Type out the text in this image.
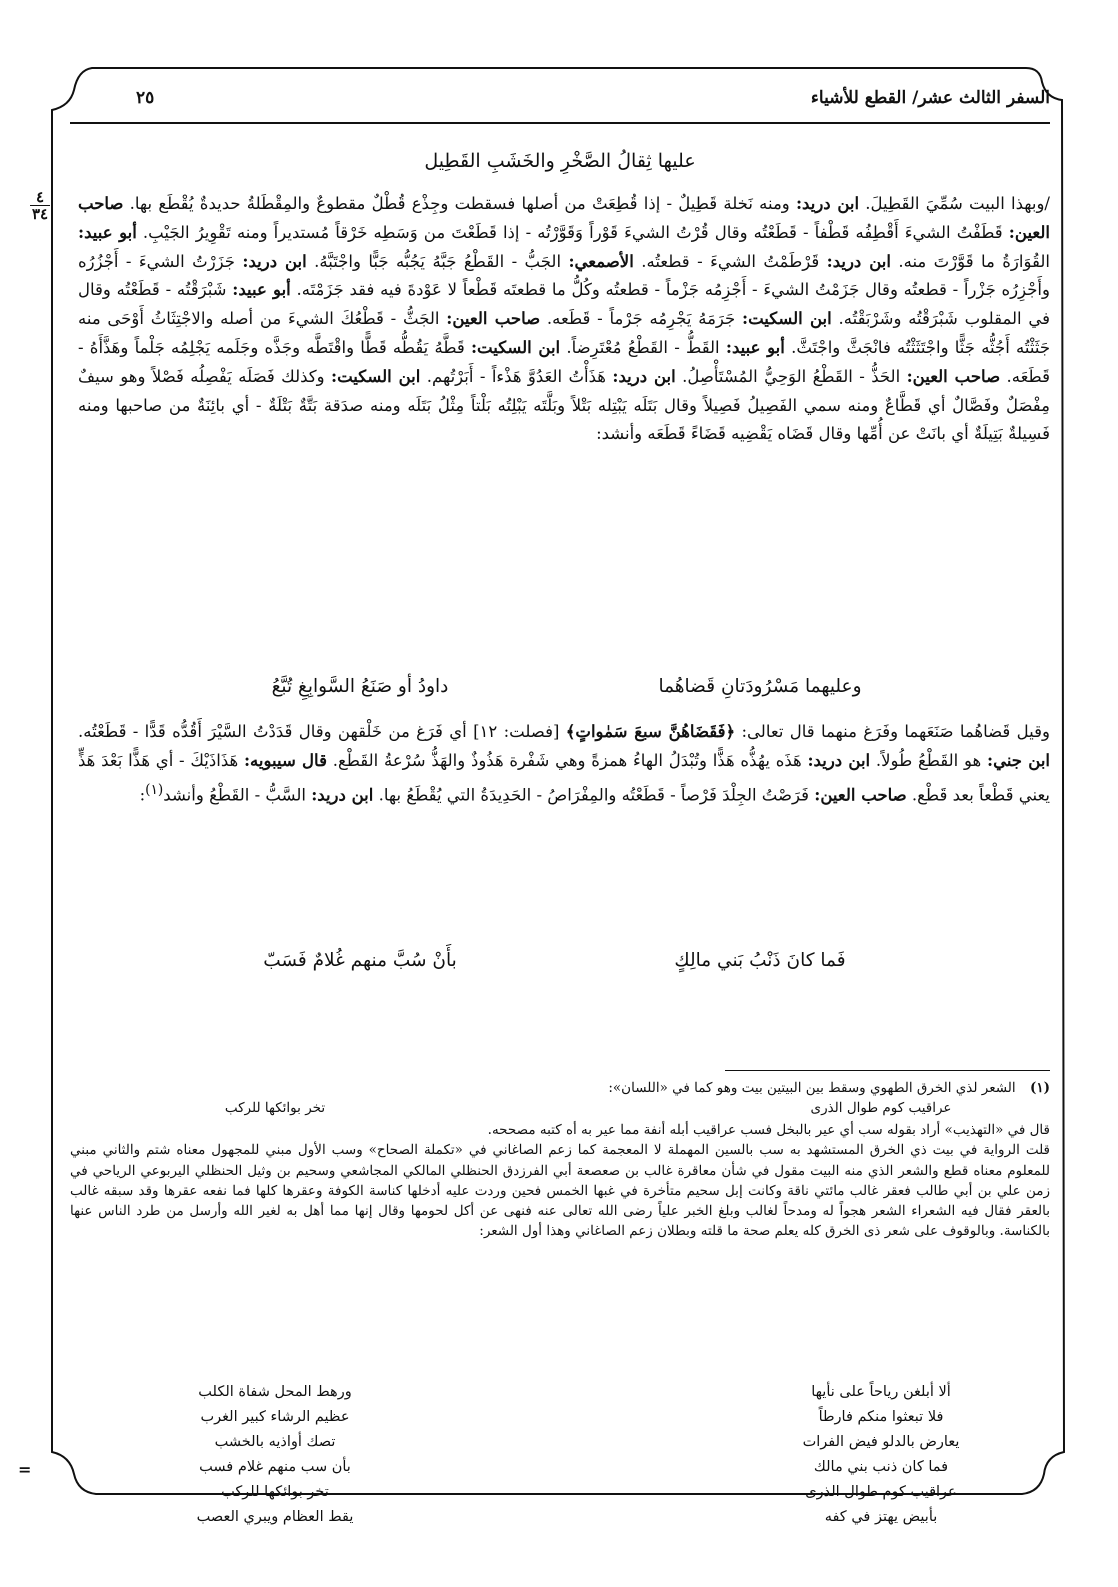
السفر الثالث عشر/ القطع للأشياء
٢٥
عليها ثِقالُ الصَّخْرِ والخَشَبِ القَطِيل
٤
٣٤
/وبهذا البيت سُمِّيَ القَطِيلَ. ابن دريد: ومنه نَخلة قَطِيلٌ - إذا قُطِعَتْ من أصلها فسقطت وجِذْع قُطْلٌ مقطوعٌ والمِقْطَلةُ حديدةٌ يُقْطَع بها. صاحب العين: قَطَفْتُ الشيءَ أَقْطِفُه قَطْفاً - قَطَعْتُه وقال قُرْتُ الشيءَ قَوْراً وَقَوَّرْتُه - إذا قَطَعْتَ من وَسَطِه خَرْقاً مُستديراً ومنه تَقْوِيرُ الجَيْبِ. أبو عبيد: القُوَارَةُ ما قَوَّرْتَ منه. ابن دريد: قَرْطَمْتُ الشيءَ - قطعتُه. الأصمعي: الجَبُّ - القَطْعُ جَبَّهُ يَجُبُّه جَبًّا واجْتَبَّهُ. ابن دريد: جَزَرْتُ الشيءَ - أَجْزُرُه وأَجْزِرُه جَزْراً - قطعتُه وقال جَزَمْتُ الشيءَ - أَجْزِمُه جَزْماً - قطعتُه وكُلُّ ما قطعتَه قَطْعاً لا عَوْدةَ فيه فقد جَزَمْتَه. أبو عبيد: شَبْرَقْتُه - قَطَعْتُه وقال في المقلوب شَبْرَقْتُه وشَرْبَقْتُه. ابن السكيت: جَرَمَهُ يَجْرِمُه جَرْماً - قَطَعه. صاحب العين: الجَثُّ - قَطْعُكَ الشيءَ من أصله والاجْتِثَاثُ أَوْحَى منه جَثَثْتُه أَجُثُّه جَثًّا واجْتَثَثْتُه فانْجَثَّ واجْتَثَّ. أبو عبيد: القَطُّ - القَطْعُ مُعْتَرِضاً. ابن السكيت: قَطَّهُ يَقُطُّه قَطًّا واقْتَطَّه وجَذَّه وجَلَمه يَجْلِمُه جَلْماً وهَذَّأَهُ - قَطَعَه. صاحب العين: الحَذُّ - القَطْعُ الوَحِيُّ المُسْتَأْصِلُ. ابن دريد: هَذَأْتُ العَدُوَّ هَذْءاً - أَبَرْتُهم. ابن السكيت: وكذلك فَصَلَه يَفْصِلُه فَصْلاً وهو سيفٌ مِفْصَلٌ وفَصَّالٌ أي قَطَّاعٌ ومنه سمي الفَصِيلُ فَصِيلاً وقال بَتَلَه يَبْتِله بَتْلاً وبَلَّتَه يَبْلِتُه بَلْتاً مِثْلُ بَتَلَه ومنه صدَقة بَتَّةٌ بَتْلَةٌ - أي بائِنَةٌ من صاحبها ومنه فَسِيلةٌ بَتِيلَةٌ أي بانَتْ عن أُمِّها وقال قَضَاه يَقْضِيه قَضَاءً قَطَعَه وأنشد:
وعليهما مَسْرُودَتانِ قَضاهُما
داودُ أو صَنَعُ السَّوابِغِ تُبَّعُ
وقيل قَضاهُما صَنَعَهما وفَرَغ منهما قال تعالى: ﴿فَقَضَاهُنَّ سبعَ سَمٰواتٍ﴾ [فصلت: ١٢] أي فَرَغ من خَلْقهن وقال قَدَدْتُ السَّيْرَ أَقُدُّه قَدًّا - قَطَعْتُه. ابن جني: هو القَطْعُ طُولاً. ابن دريد: هَذَه يهُذُّه هَذًّا وتُبْدَلُ الهاءُ همزةً وهي شَفْرة هَذُوذٌ والهَذُّ سُرْعةُ القَطْع. قال سيبويه: هَذَاذَيْكَ - أي هَذًّا بَعْدَ هَذٍّ يعني قَطْعاً بعد قَطْع. صاحب العين: فَرَصْتُ الجِلْدَ فَرْصاً - قَطَعْتُه والمِفْرَاصُ - الحَدِيدَةُ التي يُقْطَعُ بها. ابن دريد: السَّبُّ - القَطْعُ وأنشد$^{(١)}$:
فَما كانَ ذَنْبُ بَني مالِكٍ
بأَنْ سُبَّ منهم غُلامٌ فَسَبّ
(١) الشعر لذي الخرق الطهوي وسقط بين البيتين بيت وهو كما في «اللسان»:
عراقيب كوم طوال الذرى
تخر بوائكها للركب
قال في «التهذيب» أراد بقوله سب أي عير بالبخل فسب عراقيب أبله أنفة مما عير به أه كتبه مصححه.
قلت الرواية في بيت ذي الخرق المستشهد به سب بالسين المهملة لا المعجمة كما زعم الصاغاني في «تكملة الصحاح» وسب الأول مبني للمجهول معناه شتم والثاني مبني للمعلوم معناه قطع والشعر الذي منه البيت مقول في شأن معاقرة غالب بن صعصعة أبي الفرزدق الحنظلي المالكي المجاشعي وسحيم بن وثيل الحنظلي اليربوعي الرياحي في زمن علي بن أبي طالب فعقر غالب مائتي ناقة وكانت إبل سحيم متأخرة في غبها الخمس فحين وردت عليه أدخلها كناسة الكوفة وعقرها كلها فما نفعه عقرها وقد سبقه غالب بالعقر فقال فيه الشعراء الشعر هجواً له ومدحاً لغالب وبلغ الخبر علياً رضى الله تعالى عنه فنهى عن أكل لحومها وقال إنها مما أهل به لغير الله وأرسل من طرد الناس عنها بالكناسة. وبالوقوف على شعر ذى الخرق كله يعلم صحة ما قلته وبطلان زعم الصاغاني وهذا أول الشعر:
ألا أبلغن رياحاً على نأيها
ورهط المحل شفاة الكلب
فلا تبعثوا منكم فارطاً
عظيم الرشاء كبير الغرب
يعارض بالدلو فيض الفرات
تصك أواذيه بالخشب
فما كان ذنب بني مالك
بأن سب منهم غلام فسب
عراقيب كوم طوال الذرى
تخر بوائكها للركب
بأبيض يهتز في كفه
يقط العظام ويبري العصب
=
